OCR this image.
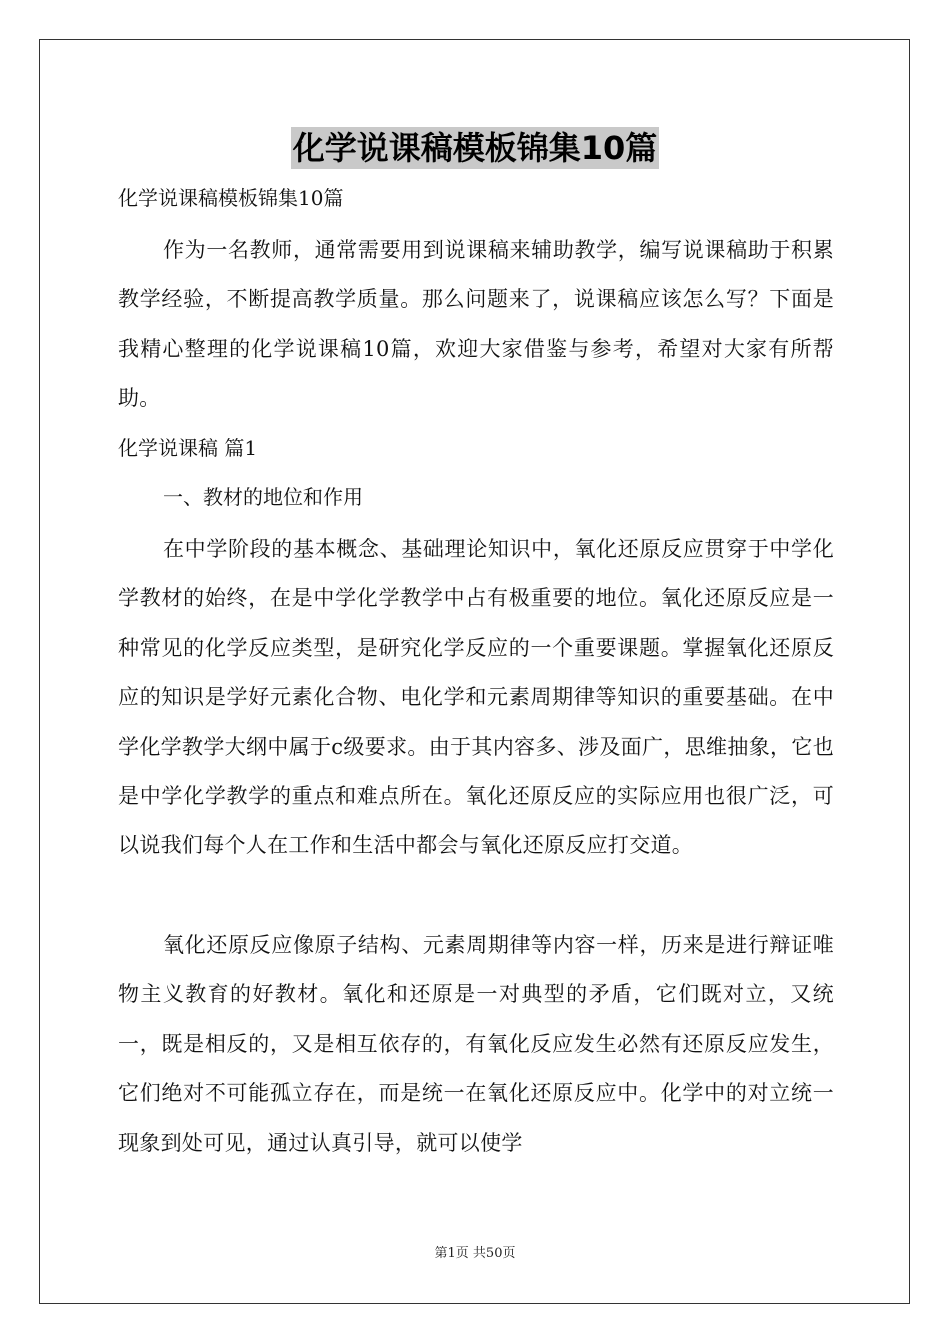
化学说课稿模板锦集10篇
化学说课稿模板锦集10篇
作为一名教师，通常需要用到说课稿来辅助教学，编写说课稿助于积累教学经验，不断提高教学质量。那么问题来了，说课稿应该怎么写？下面是我精心整理的化学说课稿10篇，欢迎大家借鉴与参考，希望对大家有所帮助。
化学说课稿 篇1
一、教材的地位和作用
在中学阶段的基本概念、基础理论知识中，氧化还原反应贯穿于中学化学教材的始终，在是中学化学教学中占有极重要的地位。氧化还原反应是一种常见的化学反应类型，是研究化学反应的一个重要课题。掌握氧化还原反应的知识是学好元素化合物、电化学和元素周期律等知识的重要基础。在中学化学教学大纲中属于c级要求。由于其内容多、涉及面广，思维抽象，它也是中学化学教学的重点和难点所在。氧化还原反应的实际应用也很广泛，可以说我们每个人在工作和生活中都会与氧化还原反应打交道。
氧化还原反应像原子结构、元素周期律等内容一样，历来是进行辩证唯物主义教育的好教材。氧化和还原是一对典型的矛盾，它们既对立，又统一，既是相反的，又是相互依存的，有氧化反应发生必然有还原反应发生，它们绝对不可能孤立存在，而是统一在氧化还原反应中。化学中的对立统一现象到处可见，通过认真引导，就可以使学
第1页 共50页
